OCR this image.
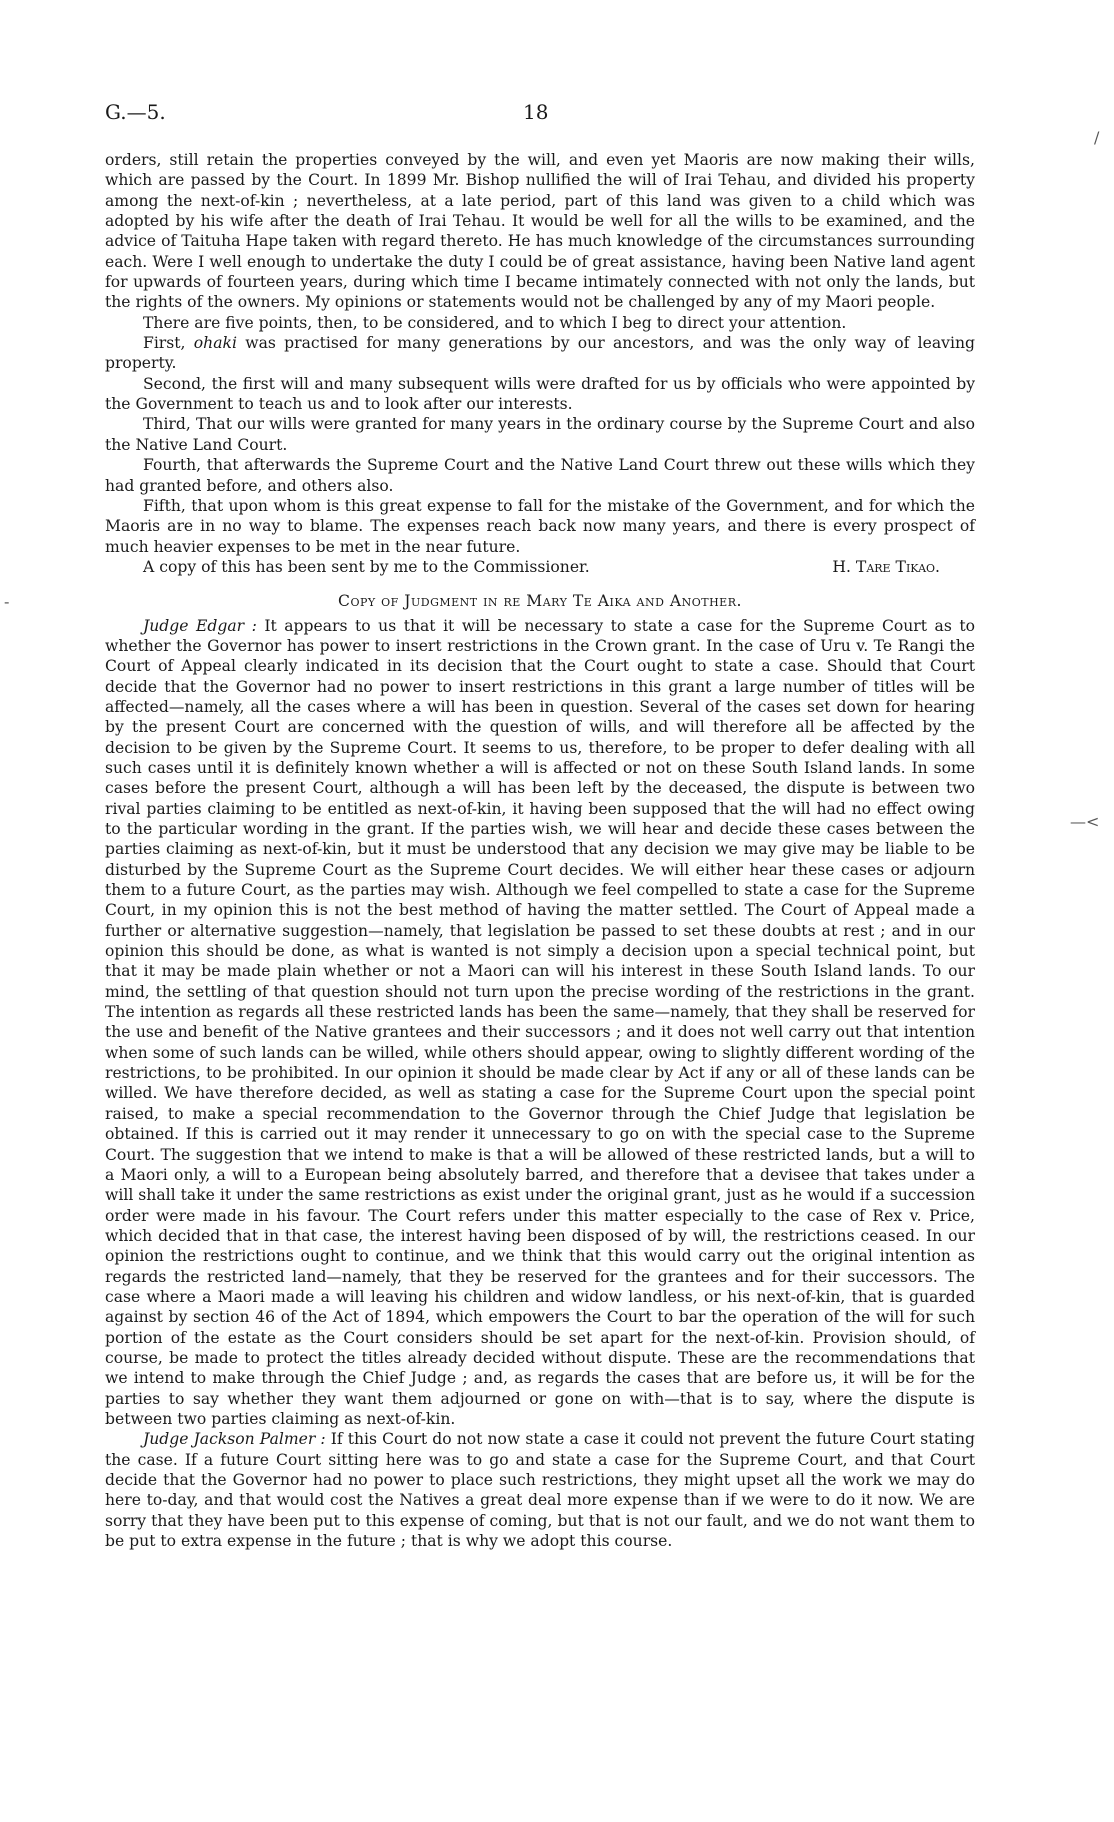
G.—5.	18
/
—<
-

orders, still retain the properties conveyed by the will, and even yet Maoris are now making their wills, which are passed by the Court. In 1899 Mr. Bishop nullified the will of Irai Tehau, and divided his property among the next-of-kin ; nevertheless, at a late period, part of this land was given to a child which was adopted by his wife after the death of Irai Tehau. It would be well for all the wills to be examined, and the advice of Taituha Hape taken with regard thereto. He has much knowledge of the circumstances surrounding each. Were I well enough to undertake the duty I could be of great assistance, having been Native land agent for upwards of fourteen years, during which time I became intimately connected with not only the lands, but the rights of the owners. My opinions or statements would not be challenged by any of my Maori people.

There are five points, then, to be considered, and to which I beg to direct your attention.

First, ohaki was practised for many generations by our ancestors, and was the only way of leaving property.

Second, the first will and many subsequent wills were drafted for us by officials who were appointed by the Government to teach us and to look after our interests.

Third, That our wills were granted for many years in the ordinary course by the Supreme Court and also the Native Land Court.

Fourth, that afterwards the Supreme Court and the Native Land Court threw out these wills which they had granted before, and others also.

Fifth, that upon whom is this great expense to fall for the mistake of the Government, and for which the Maoris are in no way to blame. The expenses reach back now many years, and there is every prospect of much heavier expenses to be met in the near future.

A copy of this has been sent by me to the Commissioner.	H. Tare Tikao.

Copy of Judgment in re Mary Te Aika and Another.

Judge Edgar : It appears to us that it will be necessary to state a case for the Supreme Court as to whether the Governor has power to insert restrictions in the Crown grant. In the case of Uru v. Te Rangi the Court of Appeal clearly indicated in its decision that the Court ought to state a case. Should that Court decide that the Governor had no power to insert restrictions in this grant a large number of titles will be affected—namely, all the cases where a will has been in question. Several of the cases set down for hearing by the present Court are concerned with the question of wills, and will therefore all be affected by the decision to be given by the Supreme Court. It seems to us, therefore, to be proper to defer dealing with all such cases until it is definitely known whether a will is affected or not on these South Island lands. In some cases before the present Court, although a will has been left by the deceased, the dispute is between two rival parties claiming to be entitled as next-of-kin, it having been supposed that the will had no effect owing to the particular wording in the grant. If the parties wish, we will hear and decide these cases between the parties claiming as next-of-kin, but it must be understood that any decision we may give may be liable to be disturbed by the Supreme Court as the Supreme Court decides. We will either hear these cases or adjourn them to a future Court, as the parties may wish. Although we feel compelled to state a case for the Supreme Court, in my opinion this is not the best method of having the matter settled. The Court of Appeal made a further or alternative suggestion—namely, that legislation be passed to set these doubts at rest ; and in our opinion this should be done, as what is wanted is not simply a decision upon a special technical point, but that it may be made plain whether or not a Maori can will his interest in these South Island lands. To our mind, the settling of that question should not turn upon the precise wording of the restrictions in the grant. The intention as regards all these restricted lands has been the same—namely, that they shall be reserved for the use and benefit of the Native grantees and their successors ; and it does not well carry out that intention when some of such lands can be willed, while others should appear, owing to slightly different wording of the restrictions, to be prohibited. In our opinion it should be made clear by Act if any or all of these lands can be willed. We have therefore decided, as well as stating a case for the Supreme Court upon the special point raised, to make a special recommendation to the Governor through the Chief Judge that legislation be obtained. If this is carried out it may render it unnecessary to go on with the special case to the Supreme Court. The suggestion that we intend to make is that a will be allowed of these restricted lands, but a will to a Maori only, a will to a European being absolutely barred, and therefore that a devisee that takes under a will shall take it under the same restrictions as exist under the original grant, just as he would if a succession order were made in his favour. The Court refers under this matter especially to the case of Rex v. Price, which decided that in that case, the interest having been disposed of by will, the restrictions ceased. In our opinion the restrictions ought to continue, and we think that this would carry out the original intention as regards the restricted land—namely, that they be reserved for the grantees and for their successors. The case where a Maori made a will leaving his children and widow landless, or his next-of-kin, that is guarded against by section 46 of the Act of 1894, which empowers the Court to bar the operation of the will for such portion of the estate as the Court considers should be set apart for the next-of-kin. Provision should, of course, be made to protect the titles already decided without dispute. These are the recommendations that we intend to make through the Chief Judge ; and, as regards the cases that are before us, it will be for the parties to say whether they want them adjourned or gone on with—that is to say, where the dispute is between two parties claiming as next-of-kin.

Judge Jackson Palmer : If this Court do not now state a case it could not prevent the future Court stating the case. If a future Court sitting here was to go and state a case for the Supreme Court, and that Court decide that the Governor had no power to place such restrictions, they might upset all the work we may do here to-day, and that would cost the Natives a great deal more expense than if we were to do it now. We are sorry that they have been put to this expense of coming, but that is not our fault, and we do not want them to be put to extra expense in the future ; that is why we adopt this course.
